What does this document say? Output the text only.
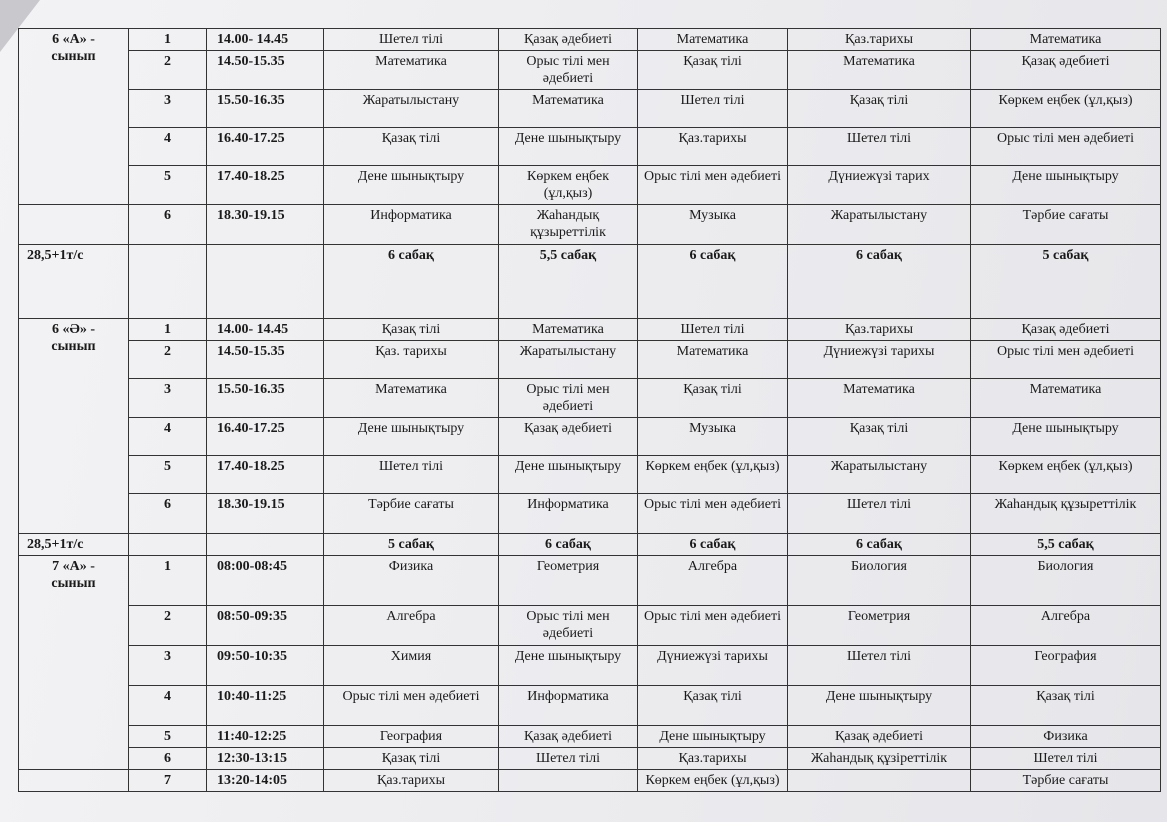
6 «А» -
сынып	1	14.00- 14.45	Шетел тілі	Қазақ әдебиеті	Математика	Қаз.тарихы	Математика
	2	14.50-15.35	Математика	Орыс тілі мен әдебиеті	Қазақ тілі	Математика	Қазақ әдебиеті
	3	15.50-16.35	Жаратылыстану	Математика	Шетел тілі	Қазақ тілі	Көркем еңбек (ұл,қыз)
	4	16.40-17.25	Қазақ тілі	Дене шынықтыру	Қаз.тарихы	Шетел тілі	Орыс тілі мен әдебиеті
	5	17.40-18.25	Дене шынықтыру	Көркем еңбек (ұл,қыз)	Орыс тілі мен әдебиеті	Дүниежүзі тарих	Дене шынықтыру
	6	18.30-19.15	Информатика	Жаһандық құзыреттілік	Музыка	Жаратылыстану	Тәрбие сағаты
28,5+1т/с			6 сабақ	5,5 сабақ	6 сабақ	6 сабақ	5 сабақ
6 «Ә» -
сынып	1	14.00- 14.45	Қазақ тілі	Математика	Шетел тілі	Қаз.тарихы	Қазақ әдебиеті
	2	14.50-15.35	Қаз. тарихы	Жаратылыстану	Математика	Дүниежүзі тарихы	Орыс тілі мен әдебиеті
	3	15.50-16.35	Математика	Орыс тілі мен әдебиеті	Қазақ тілі	Математика	Математика
	4	16.40-17.25	Дене шынықтыру	Қазақ әдебиеті	Музыка	Қазақ тілі	Дене шынықтыру
	5	17.40-18.25	Шетел тілі	Дене шынықтыру	Көркем еңбек (ұл,қыз)	Жаратылыстану	Көркем еңбек (ұл,қыз)
	6	18.30-19.15	Тәрбие сағаты	Информатика	Орыс тілі мен әдебиеті	Шетел тілі	Жаһандық құзыреттілік
28,5+1т/с			5 сабақ	6 сабақ	6 сабақ	6 сабақ	5,5 сабақ
7 «А» -
сынып	1	08:00-08:45	Физика	Геометрия	Алгебра	Биология	Биология
	2	08:50-09:35	Алгебра	Орыс тілі мен әдебиеті	Орыс тілі мен әдебиеті	Геометрия	Алгебра
	3	09:50-10:35	Химия	Дене шынықтыру	Дүниежүзі тарихы	Шетел тілі	География
	4	10:40-11:25	Орыс тілі мен әдебиеті	Информатика	Қазақ тілі	Дене шынықтыру	Қазақ тілі
	5	11:40-12:25	География	Қазақ әдебиеті	Дене шынықтыру	Қазақ әдебиеті	Физика
	6	12:30-13:15	Қазақ тілі	Шетел тілі	Қаз.тарихы	Жаһандық құзіреттілік	Шетел тілі
	7	13:20-14:05	Қаз.тарихы		Көркем еңбек (ұл,қыз)		Тәрбие сағаты
